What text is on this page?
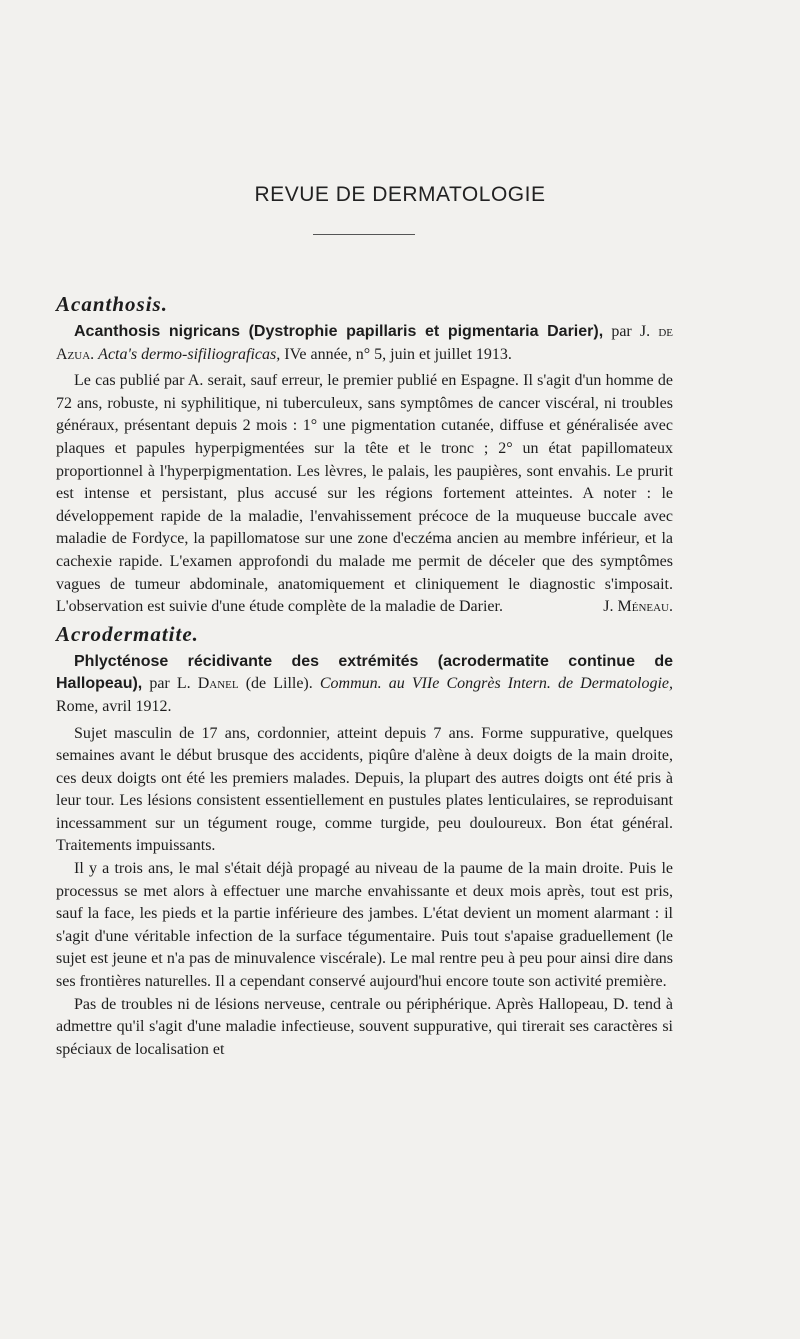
REVUE DE DERMATOLOGIE
Acanthosis.

Acanthosis nigricans (Dystrophie papillaris et pigmentaria Darier), par J. de Azua. Acta's dermo-sifiliograficas, IVe année, n° 5, juin et juillet 1913.

Le cas publié par A. serait, sauf erreur, le premier publié en Espagne. Il s'agit d'un homme de 72 ans, robuste, ni syphilitique, ni tuberculeux, sans symptômes de cancer viscéral, ni troubles généraux, présentant depuis 2 mois : 1° une pigmentation cutanée, diffuse et généralisée avec plaques et papules hyperpigmentées sur la tête et le tronc ; 2° un état papillomateux proportionnel à l'hyperpigmentation. Les lèvres, le palais, les paupières, sont envahis. Le prurit est intense et persistant, plus accusé sur les régions fortement atteintes. A noter : le développement rapide de la maladie, l'envahissement précoce de la muqueuse buccale avec maladie de Fordyce, la papillomatose sur une zone d'eczéma ancien au membre inférieur, et la cachexie rapide. L'examen approfondi du malade me permit de déceler que des symptômes vagues de tumeur abdominale, anatomiquement et cliniquement le diagnostic s'imposait. L'observation est suivie d'une étude complète de la maladie de Darier.	J. Méneau.

Acrodermatite.

Phlycténose récidivante des extrémités (acrodermatite continue de Hallopeau), par L. Danel (de Lille). Commun. au VIIe Congrès Intern. de Dermatologie, Rome, avril 1912.

Sujet masculin de 17 ans, cordonnier, atteint depuis 7 ans. Forme suppurative, quelques semaines avant le début brusque des accidents, piqûre d'alène à deux doigts de la main droite, ces deux doigts ont été les premiers malades. Depuis, la plupart des autres doigts ont été pris à leur tour. Les lésions consistent essentiellement en pustules plates lenticulaires, se reproduisant incessamment sur un tégument rouge, comme turgide, peu douloureux. Bon état général. Traitements impuissants.

Il y a trois ans, le mal s'était déjà propagé au niveau de la paume de la main droite. Puis le processus se met alors à effectuer une marche envahissante et deux mois après, tout est pris, sauf la face, les pieds et la partie inférieure des jambes. L'état devient un moment alarmant : il s'agit d'une véritable infection de la surface tégumentaire. Puis tout s'apaise graduellement (le sujet est jeune et n'a pas de minuvalence viscérale). Le mal rentre peu à peu pour ainsi dire dans ses frontières naturelles. Il a cependant conservé aujourd'hui encore toute son activité première.

Pas de troubles ni de lésions nerveuse, centrale ou périphérique. Après Hallopeau, D. tend à admettre qu'il s'agit d'une maladie infectieuse, souvent suppurative, qui tirerait ses caractères si spéciaux de localisation et
